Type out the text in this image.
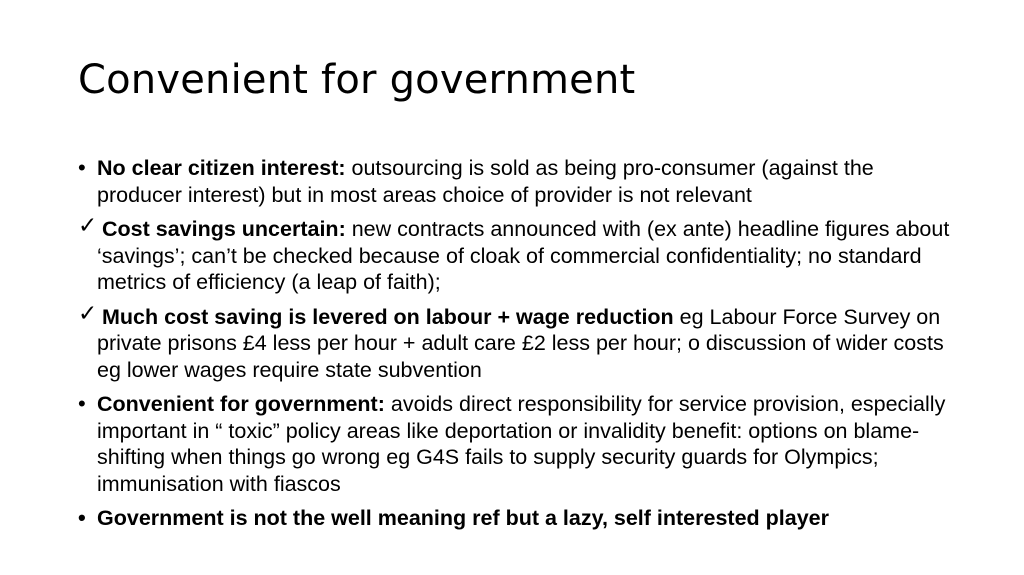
Convenient for government
• No clear citizen interest: outsourcing is sold as being pro-consumer (against the producer interest) but in most areas choice of provider is not relevant
✓ Cost savings uncertain: new contracts announced with (ex ante) headline figures about ‘savings’; can’t be checked because of cloak of commercial confidentiality; no standard metrics of efficiency (a leap of faith);
✓ Much cost saving is levered on labour + wage reduction eg Labour Force Survey on private prisons £4 less per hour + adult care £2 less per hour; o discussion of wider costs eg lower wages require state subvention
• Convenient for government: avoids direct responsibility for service provision, especially important in “ toxic” policy areas like deportation or invalidity benefit: options on blame-shifting when things go wrong eg G4S fails to supply security guards for Olympics; immunisation with fiascos
• Government is not the well meaning ref but a lazy, self interested player
